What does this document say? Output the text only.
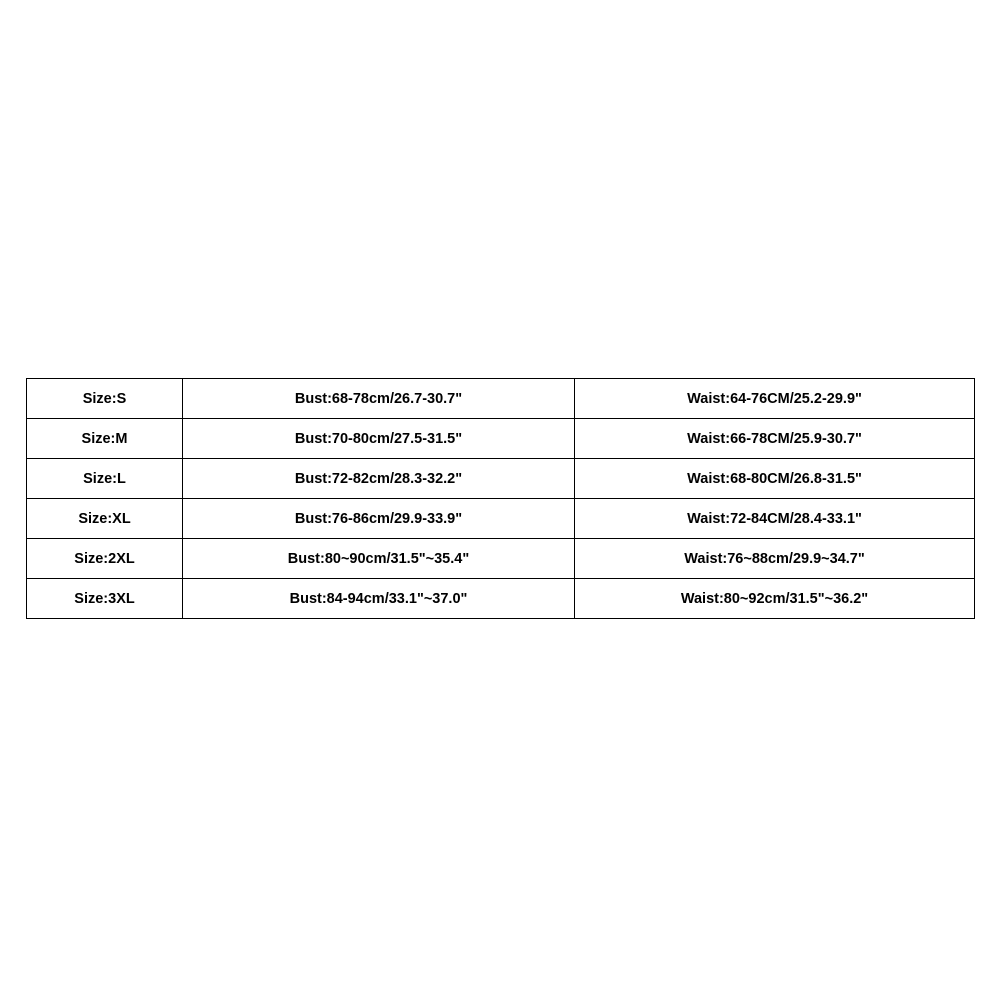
Size:S	Bust:68-78cm/26.7-30.7"	Waist:64-76CM/25.2-29.9"
Size:M	Bust:70-80cm/27.5-31.5"	Waist:66-78CM/25.9-30.7"
Size:L	Bust:72-82cm/28.3-32.2"	Waist:68-80CM/26.8-31.5"
Size:XL	Bust:76-86cm/29.9-33.9"	Waist:72-84CM/28.4-33.1"
Size:2XL	Bust:80~90cm/31.5"~35.4"	Waist:76~88cm/29.9~34.7"
Size:3XL	Bust:84-94cm/33.1"~37.0"	Waist:80~92cm/31.5"~36.2"
